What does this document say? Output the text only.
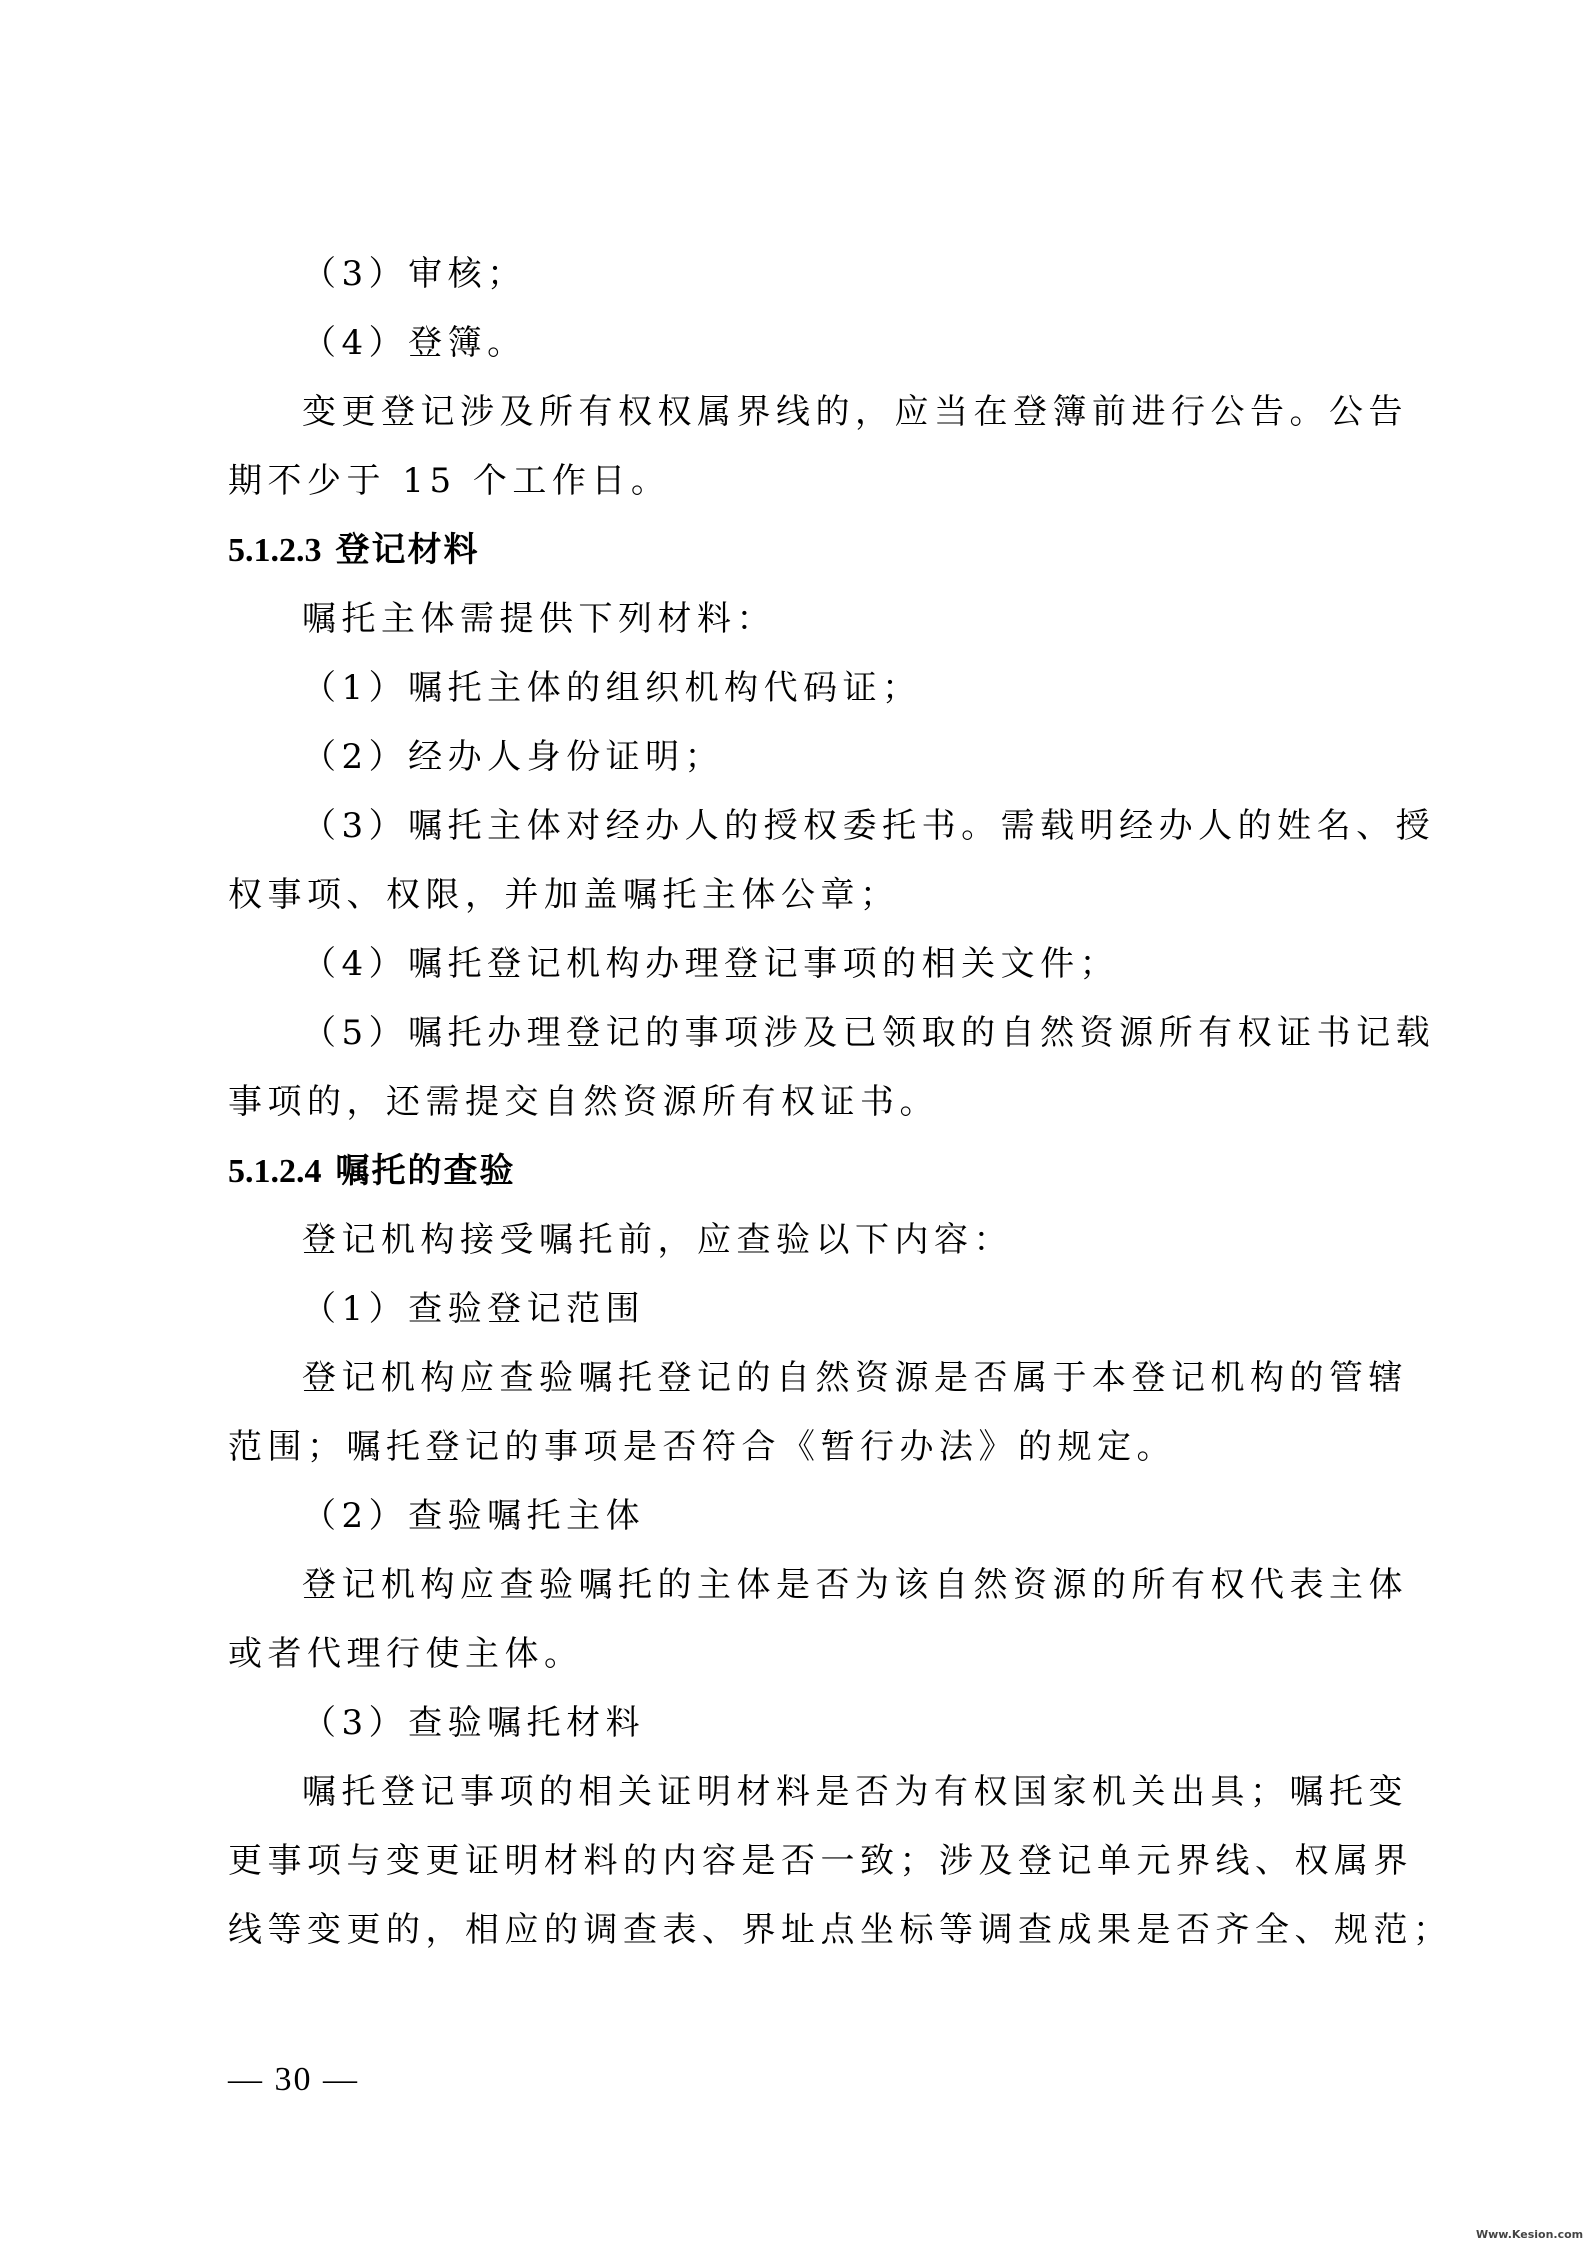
（3）审核；
（4）登簿。
变更登记涉及所有权权属界线的，应当在登簿前进行公告。公告
期不少于 15 个工作日。
5.1.2.3 登记材料
嘱托主体需提供下列材料：
（1）嘱托主体的组织机构代码证；
（2）经办人身份证明；
（3）嘱托主体对经办人的授权委托书。需载明经办人的姓名、授
权事项、权限，并加盖嘱托主体公章；
（4）嘱托登记机构办理登记事项的相关文件；
（5）嘱托办理登记的事项涉及已领取的自然资源所有权证书记载
事项的，还需提交自然资源所有权证书。
5.1.2.4 嘱托的查验
登记机构接受嘱托前，应查验以下内容：
（1）查验登记范围
登记机构应查验嘱托登记的自然资源是否属于本登记机构的管辖
范围；嘱托登记的事项是否符合《暂行办法》的规定。
（2）查验嘱托主体
登记机构应查验嘱托的主体是否为该自然资源的所有权代表主体
或者代理行使主体。
（3）查验嘱托材料
嘱托登记事项的相关证明材料是否为有权国家机关出具；嘱托变
更事项与变更证明材料的内容是否一致；涉及登记单元界线、权属界
线等变更的，相应的调查表、界址点坐标等调查成果是否齐全、规范；
— 30 —
Www.Kesion.com
